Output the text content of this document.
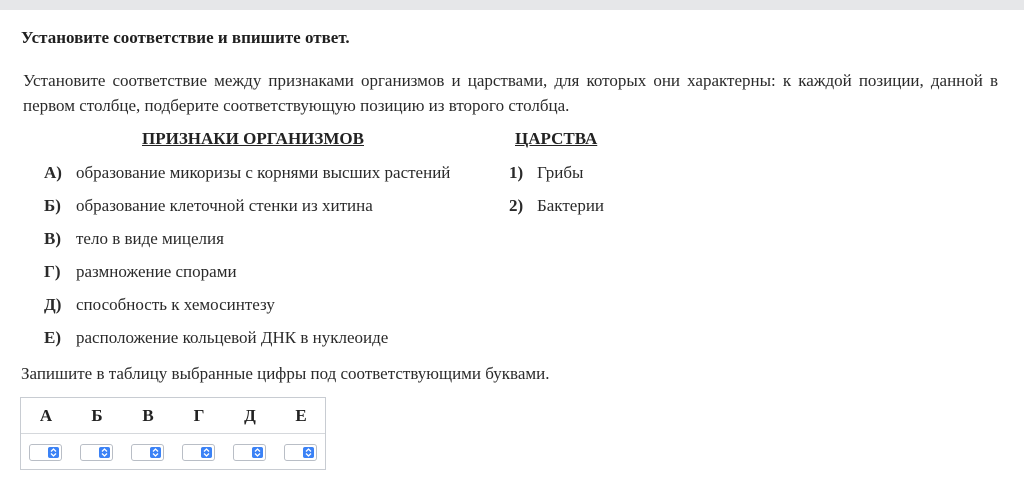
Установите соответствие и впишите ответ.
Установите соответствие между признаками организмов и царствами, для которых они характерны: к каждой позиции, данной в первом столбце, подберите соответствующую позицию из второго столбца.
ПРИЗНАКИ ОРГАНИЗМОВ	ЦАРСТВА
А) образование микоризы с корнями высших растений
Б) образование клеточной стенки из хитина
В) тело в виде мицелия
Г) размножение спорами
Д) способность к хемосинтезу
Е) расположение кольцевой ДНК в нуклеоиде
1) Грибы
2) Бактерии
Запишите в таблицу выбранные цифры под соответствующими буквами.
А	Б	В	Г	Д	Е
